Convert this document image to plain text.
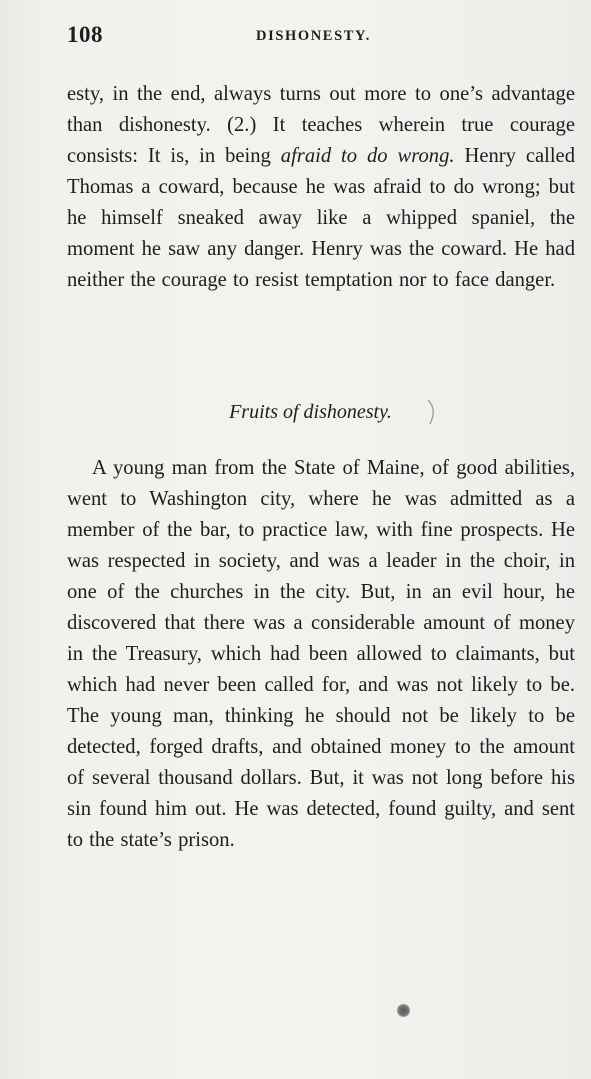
108	DISHONESTY.

esty, in the end, always turns out more to one’s advantage than dishonesty. (2.) It teaches wherein true courage consists: It is, in being afraid to do wrong. Henry called Thomas a coward, because he was afraid to do wrong; but he himself sneaked away like a whipped spaniel, the moment he saw any danger. Henry was the coward. He had neither the courage to resist temptation nor to face danger.

Fruits of dishonesty.

A young man from the State of Maine, of good abilities, went to Washington city, where he was admitted as a member of the bar, to practice law, with fine prospects. He was respected in society, and was a leader in the choir, in one of the churches in the city. But, in an evil hour, he discovered that there was a considerable amount of money in the Treasury, which had been allowed to claimants, but which had never been called for, and was not likely to be. The young man, thinking he should not be likely to be detected, forged drafts, and obtained money to the amount of several thousand dollars. But, it was not long before his sin found him out. He was detected, found guilty, and sent to the state’s prison.
